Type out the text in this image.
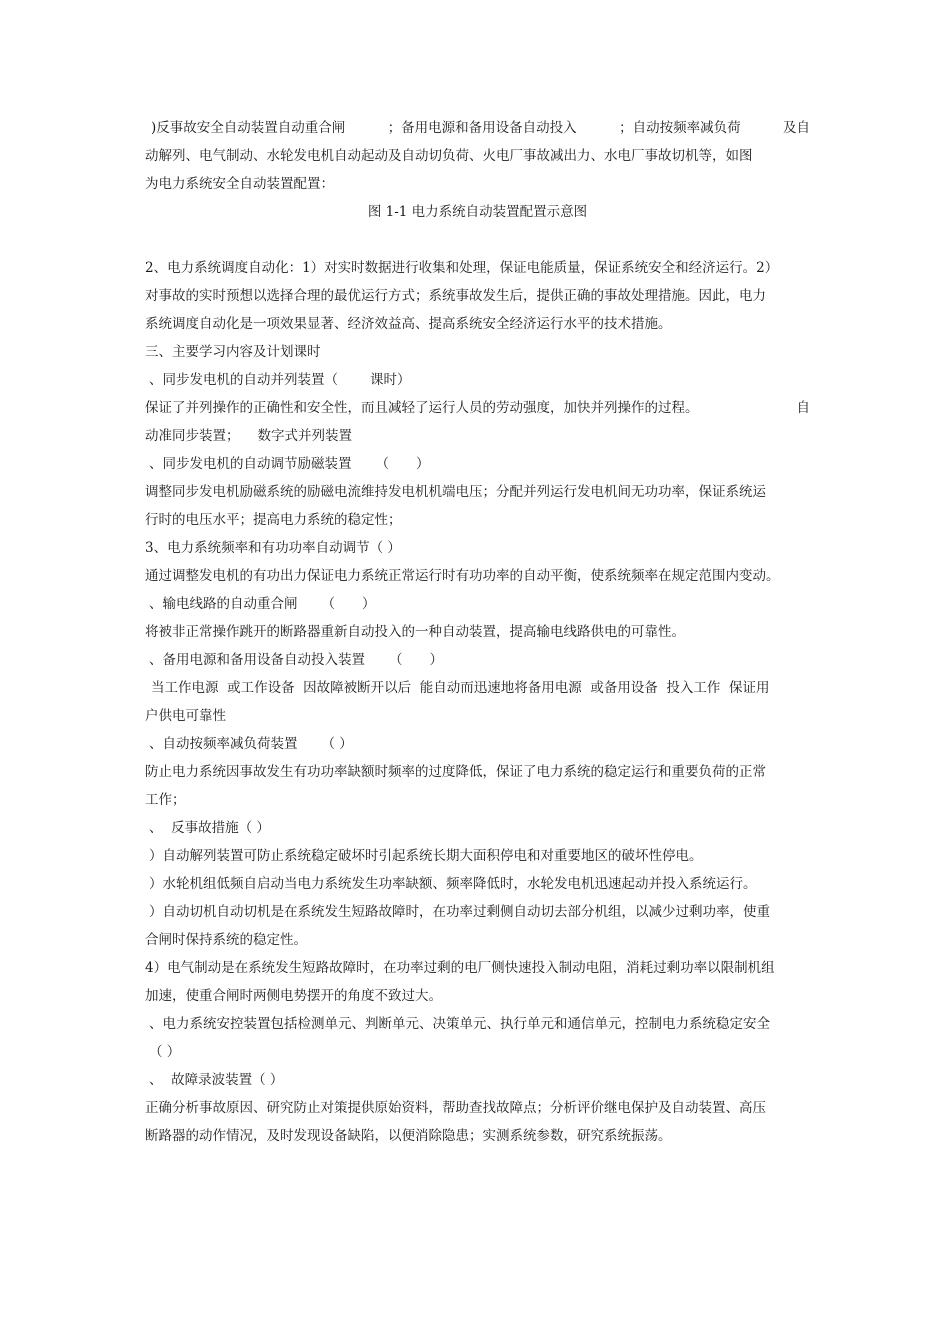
)反事故安全自动装置自动重合闸	；备用电源和备用设备自动投入	；自动按频率减负荷	及自
动解列、电气制动、水轮发电机自动起动及自动切负荷、火电厂事故减出力、水电厂事故切机等，如图
为电力系统安全自动装置配置：
图 1-1 电力系统自动装置配置示意图
2、电力系统调度自动化：1）对实时数据进行收集和处理，保证电能质量，保证系统安全和经济运行。2）
对事故的实时预想以选择合理的最优运行方式；系统事故发生后，提供正确的事故处理措施。因此，电力
系统调度自动化是一项效果显著、经济效益高、提高系统安全经济运行水平的技术措施。
三、主要学习内容及计划课时
、同步发电机的自动并列装置（ 课时）
保证了并列操作的正确性和安全性，而且减轻了运行人员的劳动强度，加快并列操作的过程。	自
动准同步装置； 数字式并列装置
、同步发电机的自动调节励磁装置 （　　）
调整同步发电机励磁系统的励磁电流维持发电机机端电压；分配并列运行发电机间无功功率，保证系统运
行时的电压水平；提高电力系统的稳定性；
3、电力系统频率和有功功率自动调节（ ）
通过调整发电机的有功出力保证电力系统正常运行时有功功率的自动平衡，使系统频率在规定范围内变动。
、输电线路的自动重合闸 （　　）
将被非正常操作跳开的断路器重新自动投入的一种自动装置，提高输电线路供电的可靠性。
、备用电源和备用设备自动投入装置 （　　）
当工作电源  或工作设备  因故障被断开以后  能自动而迅速地将备用电源  或备用设备  投入工作  保证用
户供电可靠性
、自动按频率减负荷装置 （ ）
防止电力系统因事故发生有功功率缺额时频率的过度降低，保证了电力系统的稳定运行和重要负荷的正常
工作；
、  反事故措施（ ）
）自动解列装置可防止系统稳定破坏时引起系统长期大面积停电和对重要地区的破坏性停电。
）水轮机组低频自启动当电力系统发生功率缺额、频率降低时，水轮发电机迅速起动并投入系统运行。
）自动切机自动切机是在系统发生短路故障时，在功率过剩侧自动切去部分机组，以减少过剩功率，使重
合闸时保持系统的稳定性。
4）电气制动是在系统发生短路故障时，在功率过剩的电厂侧快速投入制动电阻，消耗过剩功率以限制机组
加速，使重合闸时两侧电势摆开的角度不致过大。
、电力系统安控装置包括检测单元、判断单元、决策单元、执行单元和通信单元，控制电力系统稳定安全
（ ）
、  故障录波装置（ ）
正确分析事故原因、研究防止对策提供原始资料，帮助查找故障点；分析评价继电保护及自动装置、高压
断路器的动作情况，及时发现设备缺陷，以便消除隐患；实测系统参数，研究系统振荡。
